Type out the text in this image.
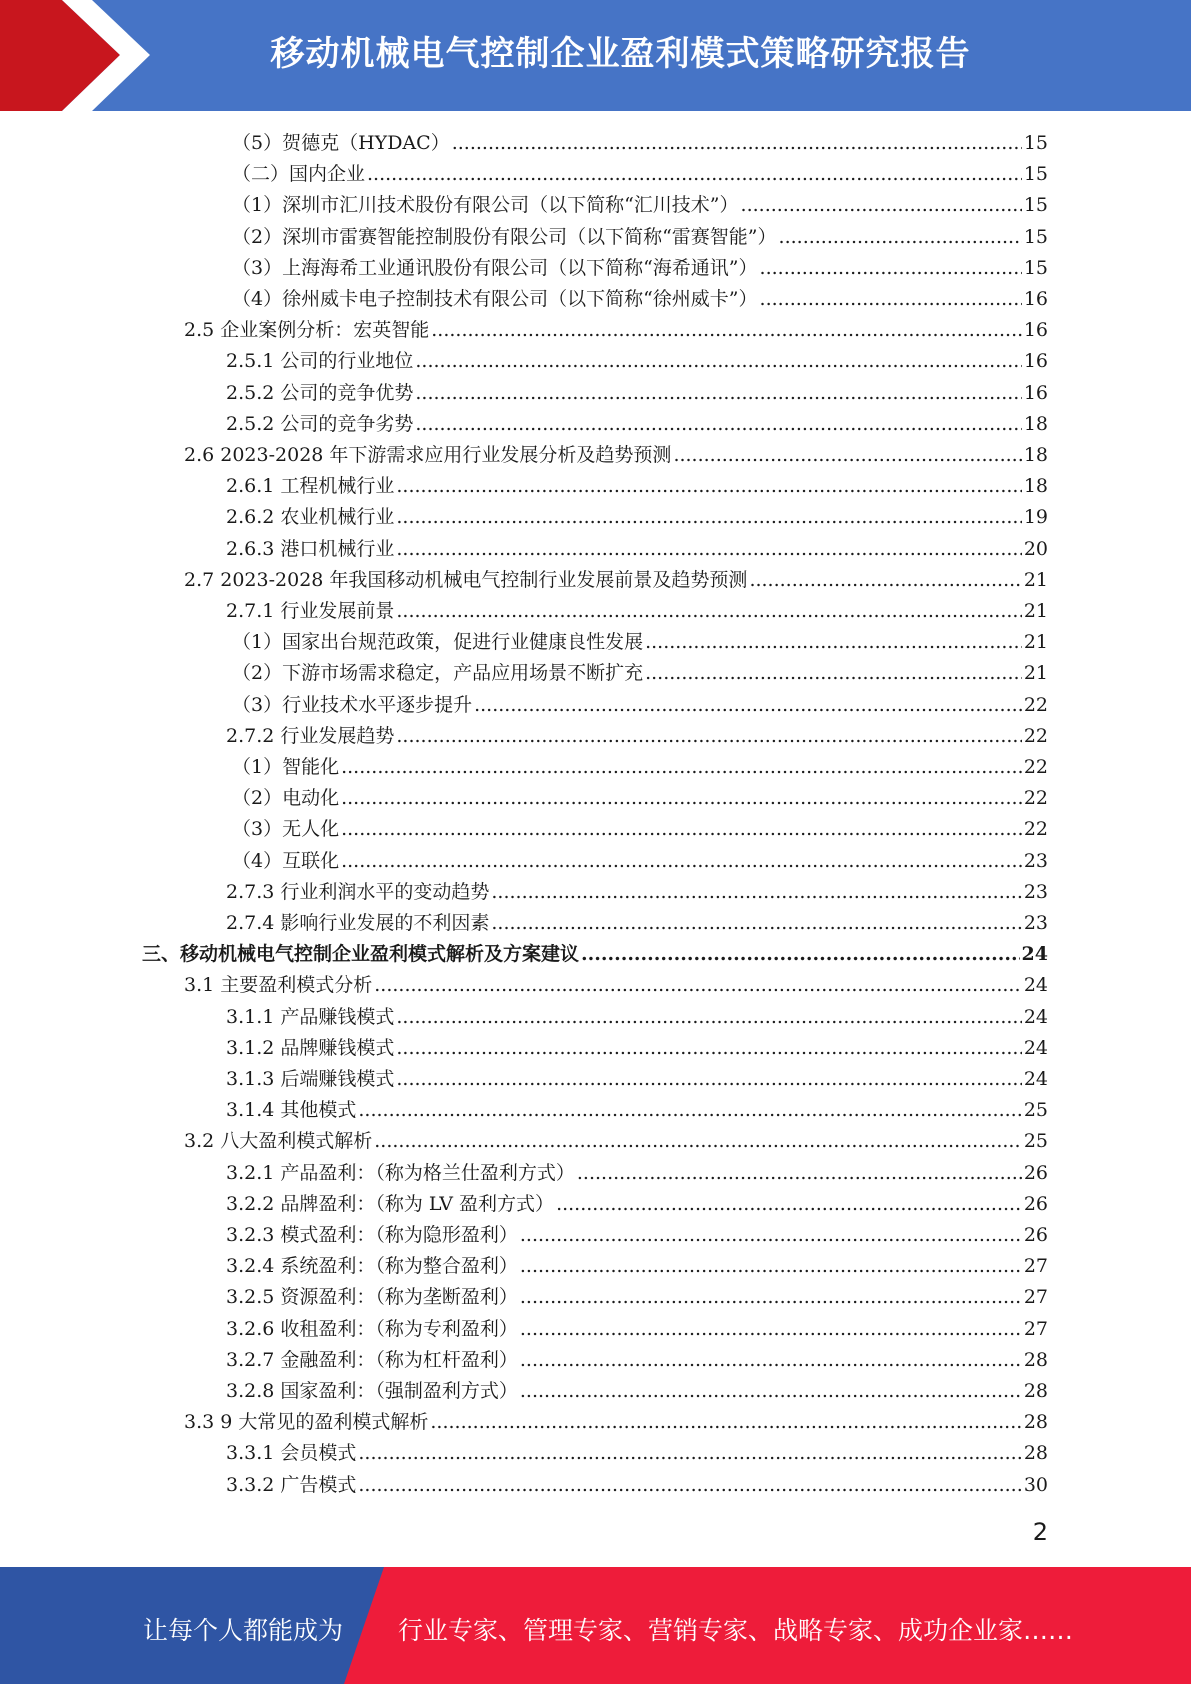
移动机械电气控制企业盈利模式策略研究报告
（5）贺德克（HYDAC） .....	15
（二）国内企业 .....	15
（1）深圳市汇川技术股份有限公司（以下简称“汇川技术”） .....	15
（2）深圳市雷赛智能控制股份有限公司（以下简称“雷赛智能”） .....	15
（3）上海海希工业通讯股份有限公司（以下简称“海希通讯”） .....	15
（4）徐州威卡电子控制技术有限公司（以下简称“徐州威卡”） .....	16
2.5 企业案例分析：宏英智能 .....	16
2.5.1 公司的行业地位 .....	16
2.5.2 公司的竞争优势 .....	16
2.5.2 公司的竞争劣势 .....	18
2.6 2023-2028 年下游需求应用行业发展分析及趋势预测 .....	18
2.6.1 工程机械行业 .....	18
2.6.2 农业机械行业 .....	19
2.6.3 港口机械行业 .....	20
2.7 2023-2028 年我国移动机械电气控制行业发展前景及趋势预测 .....	21
2.7.1 行业发展前景 .....	21
（1）国家出台规范政策，促进行业健康良性发展 .....	21
（2）下游市场需求稳定，产品应用场景不断扩充 .....	21
（3）行业技术水平逐步提升 .....	22
2.7.2 行业发展趋势 .....	22
（1）智能化 .....	22
（2）电动化 .....	22
（3）无人化 .....	22
（4）互联化 .....	23
2.7.3 行业利润水平的变动趋势 .....	23
2.7.4 影响行业发展的不利因素 .....	23
三、移动机械电气控制企业盈利模式解析及方案建议 .....	24
3.1 主要盈利模式分析 .....	24
3.1.1 产品赚钱模式 .....	24
3.1.2 品牌赚钱模式 .....	24
3.1.3 后端赚钱模式 .....	24
3.1.4 其他模式 .....	25
3.2 八大盈利模式解析 .....	25
3.2.1 产品盈利：（称为格兰仕盈利方式） .....	26
3.2.2 品牌盈利：（称为 LV 盈利方式） .....	26
3.2.3 模式盈利：（称为隐形盈利） .....	26
3.2.4 系统盈利：（称为整合盈利） .....	27
3.2.5 资源盈利：（称为垄断盈利） .....	27
3.2.6 收租盈利：（称为专利盈利） .....	27
3.2.7 金融盈利：（称为杠杆盈利） .....	28
3.2.8 国家盈利：（强制盈利方式） .....	28
3.3 9 大常见的盈利模式解析 .....	28
3.3.1 会员模式 .....	28
3.3.2 广告模式 .....	30
2
让每个人都能成为 行业专家、管理专家、营销专家、战略专家、成功企业家……
